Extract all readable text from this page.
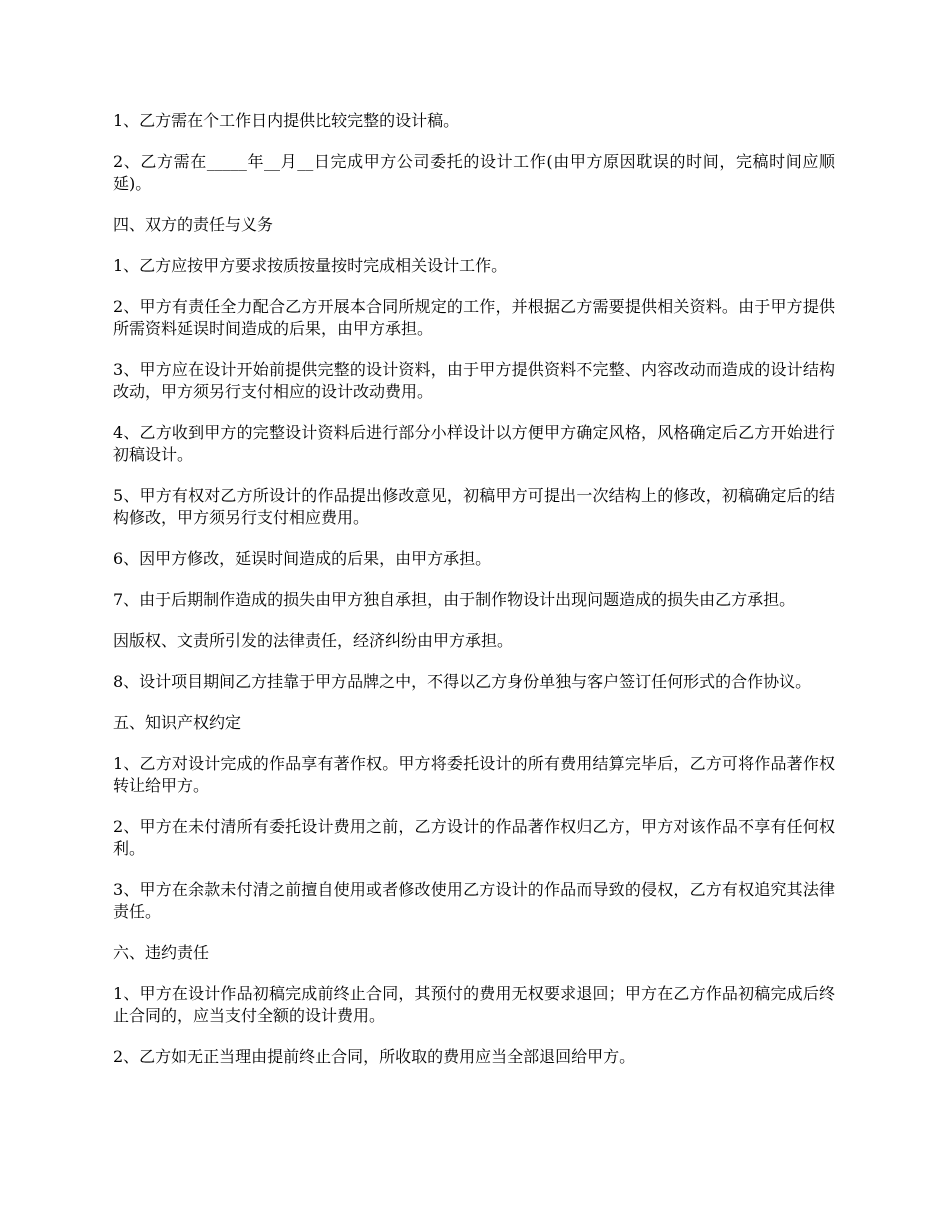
1、乙方需在个工作日内提供比较完整的设计稿。

2、乙方需在_____年__月__日完成甲方公司委托的设计工作(由甲方原因耽误的时间，完稿时间应顺延)。

四、双方的责任与义务

1、乙方应按甲方要求按质按量按时完成相关设计工作。

2、甲方有责任全力配合乙方开展本合同所规定的工作，并根据乙方需要提供相关资料。由于甲方提供所需资料延误时间造成的后果，由甲方承担。

3、甲方应在设计开始前提供完整的设计资料，由于甲方提供资料不完整、内容改动而造成的设计结构改动，甲方须另行支付相应的设计改动费用。

4、乙方收到甲方的完整设计资料后进行部分小样设计以方便甲方确定风格，风格确定后乙方开始进行初稿设计。

5、甲方有权对乙方所设计的作品提出修改意见，初稿甲方可提出一次结构上的修改，初稿确定后的结构修改，甲方须另行支付相应费用。

6、因甲方修改，延误时间造成的后果，由甲方承担。

7、由于后期制作造成的损失由甲方独自承担，由于制作物设计出现问题造成的损失由乙方承担。

因版权、文责所引发的法律责任，经济纠纷由甲方承担。

8、设计项目期间乙方挂靠于甲方品牌之中，不得以乙方身份单独与客户签订任何形式的合作协议。

五、知识产权约定

1、乙方对设计完成的作品享有著作权。甲方将委托设计的所有费用结算完毕后，乙方可将作品著作权转让给甲方。

2、甲方在未付清所有委托设计费用之前，乙方设计的作品著作权归乙方，甲方对该作品不享有任何权利。

3、甲方在余款未付清之前擅自使用或者修改使用乙方设计的作品而导致的侵权，乙方有权追究其法律责任。

六、违约责任

1、甲方在设计作品初稿完成前终止合同，其预付的费用无权要求退回；甲方在乙方作品初稿完成后终止合同的，应当支付全额的设计费用。

2、乙方如无正当理由提前终止合同，所收取的费用应当全部退回给甲方。
